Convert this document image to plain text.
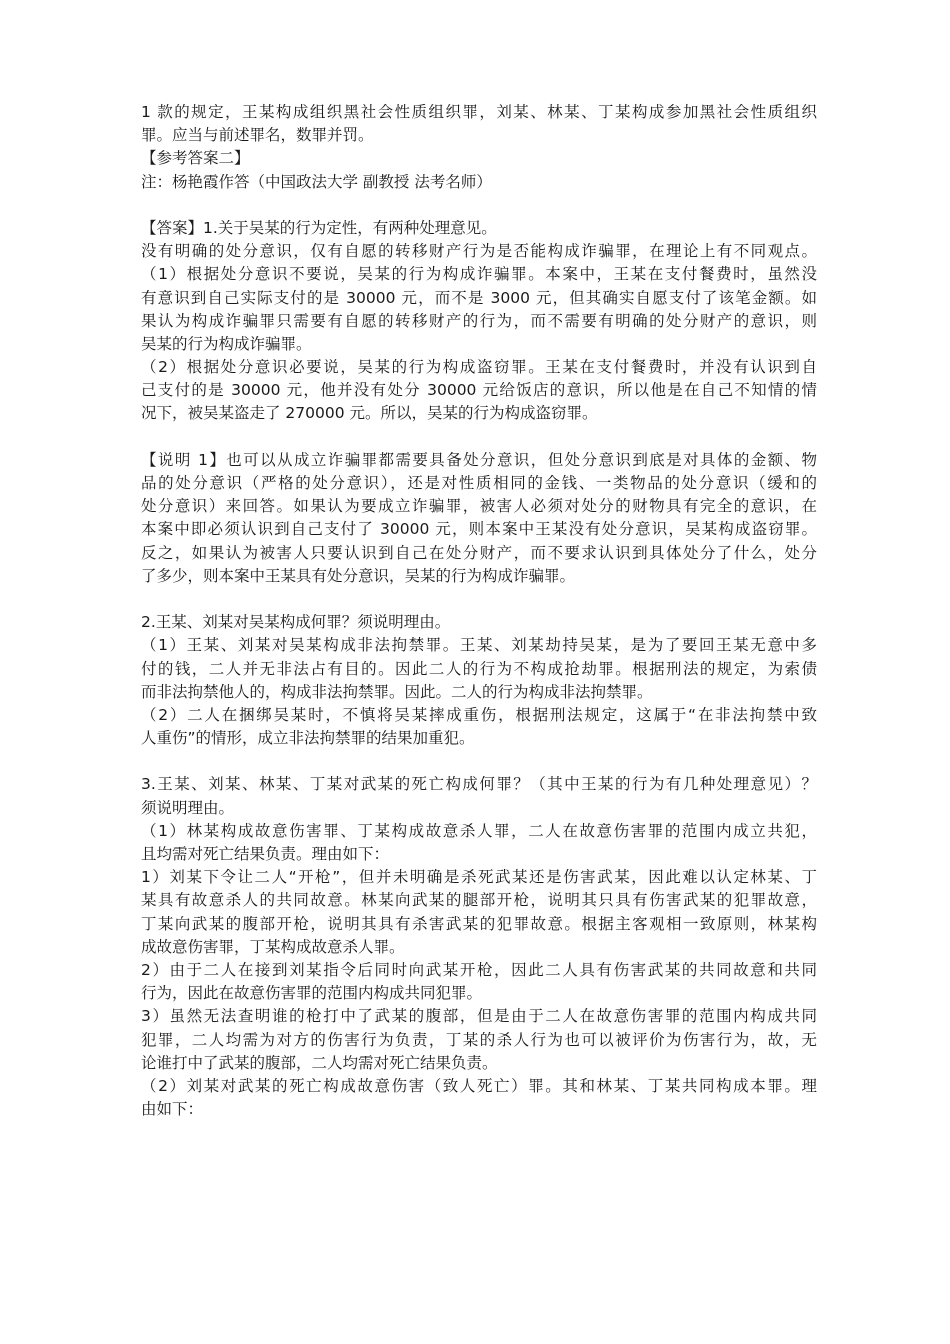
1 款的规定，王某构成组织黑社会性质组织罪，刘某、林某、丁某构成参加黑社会性质组织
罪。应当与前述罪名，数罪并罚。
【参考答案二】
注：杨艳霞作答（中国政法大学 副教授 法考名师）
【答案】1.关于吴某的行为定性，有两种处理意见。
没有明确的处分意识，仅有自愿的转移财产行为是否能构成诈骗罪，在理论上有不同观点。
（1）根据处分意识不要说，吴某的行为构成诈骗罪。本案中，王某在支付餐费时，虽然没
有意识到自己实际支付的是 30000 元，而不是 3000 元，但其确实自愿支付了该笔金额。如
果认为构成诈骗罪只需要有自愿的转移财产的行为，而不需要有明确的处分财产的意识，则
吴某的行为构成诈骗罪。
（2）根据处分意识必要说，吴某的行为构成盗窃罪。王某在支付餐费时，并没有认识到自
己支付的是 30000 元，他并没有处分 30000 元给饭店的意识，所以他是在自己不知情的情
况下，被吴某盗走了 270000 元。所以，吴某的行为构成盗窃罪。
【说明 1】也可以从成立诈骗罪都需要具备处分意识，但处分意识到底是对具体的金额、物
品的处分意识（严格的处分意识），还是对性质相同的金钱、一类物品的处分意识（缓和的
处分意识）来回答。如果认为要成立诈骗罪，被害人必须对处分的财物具有完全的意识，在
本案中即必须认识到自己支付了 30000 元，则本案中王某没有处分意识，吴某构成盗窃罪。
反之，如果认为被害人只要认识到自己在处分财产，而不要求认识到具体处分了什么，处分
了多少，则本案中王某具有处分意识，吴某的行为构成诈骗罪。
2.王某、刘某对吴某构成何罪？须说明理由。
（1）王某、刘某对吴某构成非法拘禁罪。王某、刘某劫持吴某，是为了要回王某无意中多
付的钱，二人并无非法占有目的。因此二人的行为不构成抢劫罪。根据刑法的规定，为索债
而非法拘禁他人的，构成非法拘禁罪。因此。二人的行为构成非法拘禁罪。
（2）二人在捆绑吴某时，不慎将吴某摔成重伤，根据刑法规定，这属于“在非法拘禁中致
人重伤”的情形，成立非法拘禁罪的结果加重犯。
3.王某、刘某、林某、丁某对武某的死亡构成何罪？（其中王某的行为有几种处理意见）？
须说明理由。
（1）林某构成故意伤害罪、丁某构成故意杀人罪，二人在故意伤害罪的范围内成立共犯，
且均需对死亡结果负责。理由如下：
1）刘某下令让二人“开枪”，但并未明确是杀死武某还是伤害武某，因此难以认定林某、丁
某具有故意杀人的共同故意。林某向武某的腿部开枪，说明其只具有伤害武某的犯罪故意，
丁某向武某的腹部开枪，说明其具有杀害武某的犯罪故意。根据主客观相一致原则，林某构
成故意伤害罪，丁某构成故意杀人罪。
2）由于二人在接到刘某指令后同时向武某开枪，因此二人具有伤害武某的共同故意和共同
行为，因此在故意伤害罪的范围内构成共同犯罪。
3）虽然无法查明谁的枪打中了武某的腹部，但是由于二人在故意伤害罪的范围内构成共同
犯罪，二人均需为对方的伤害行为负责，丁某的杀人行为也可以被评价为伤害行为，故，无
论谁打中了武某的腹部，二人均需对死亡结果负责。
（2）刘某对武某的死亡构成故意伤害（致人死亡）罪。其和林某、丁某共同构成本罪。理
由如下：
